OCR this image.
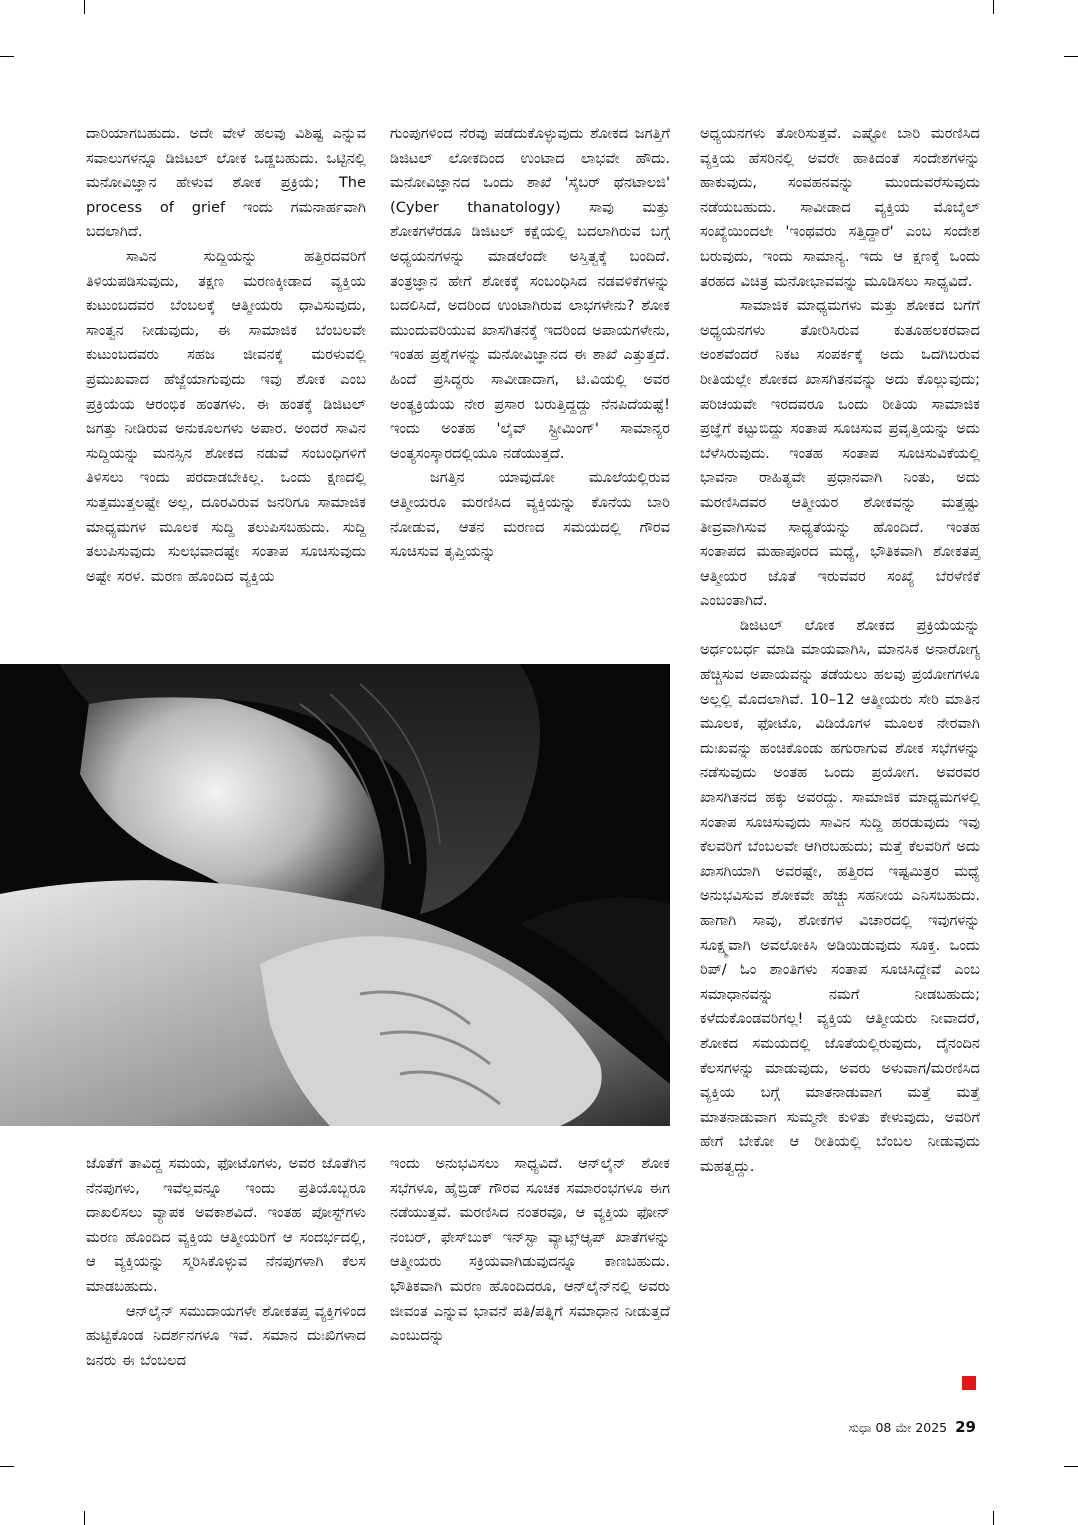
ದಾರಿಯಾಗಬಹುದು. ಅದೇ ವೇಳೆ ಹಲವು ವಿಶಿಷ್ಟ ಎನ್ನುವ ಸವಾಲುಗಳನ್ನೂ ಡಿಜಿಟಲ್ ಲೋಕ ಒಡ್ಡಬಹುದು. ಒಟ್ಟಿನಲ್ಲಿ ಮನೋವಿಜ್ಞಾನ ಹೇಳುವ ಶೋಕ ಪ್ರಕ್ರಿಯೆ; The process of grief ಇಂದು ಗಮನಾರ್ಹವಾಗಿ ಬದಲಾಗಿದೆ.

ಸಾವಿನ ಸುದ್ದಿಯನ್ನು ಹತ್ತಿರದವರಿಗೆ ತಿಳಿಯಪಡಿಸುವುದು, ತಕ್ಷಣ ಮರಣಕ್ಕೀಡಾದ ವ್ಯಕ್ತಿಯ ಕುಟುಂಬದವರ ಬೆಂಬಲಕ್ಕೆ ಆತ್ಮೀಯರು ಧಾವಿಸುವುದು, ಸಾಂತ್ವನ ನೀಡುವುದು, ಈ ಸಾಮಾಜಿಕ ಬೆಂಬಲವೇ ಕುಟುಂಬದವರು ಸಹಜ ಜೀವನಕ್ಕೆ ಮರಳುವಲ್ಲಿ ಪ್ರಮುಖವಾದ ಹೆಜ್ಜೆಯಾಗುವುದು ಇವು ಶೋಕ ಎಂಬ ಪ್ರಕ್ರಿಯೆಯ ಆರಂಭಿಕ ಹಂತಗಳು. ಈ ಹಂತಕ್ಕೆ ಡಿಜಿಟಲ್ ಜಗತ್ತು ನೀಡಿರುವ ಅನುಕೂಲಗಳು ಅಪಾರ. ಅಂದರೆ ಸಾವಿನ ಸುದ್ದಿಯನ್ನು ಮನಸ್ಸಿನ ಶೋಕದ ನಡುವೆ ಸಂಬಂಧಿಗಳಿಗೆ ತಿಳಿಸಲು ಇಂದು ಪರದಾಡಬೇಕಿಲ್ಲ. ಒಂದು ಕ್ಷಣದಲ್ಲಿ ಸುತ್ತಮುತ್ತಲಷ್ಟೇ ಅಲ್ಲ, ದೂರವಿರುವ ಜನರಿಗೂ ಸಾಮಾಜಿಕ ಮಾಧ್ಯಮಗಳ ಮೂಲಕ ಸುದ್ದಿ ತಲುಪಿಸಬಹುದು. ಸುದ್ದಿ ತಲುಪಿಸುವುದು ಸುಲಭವಾದಷ್ಟೇ ಸಂತಾಪ ಸೂಚಿಸುವುದು ಅಷ್ಟೇ ಸರಳ. ಮರಣ ಹೊಂದಿದ ವ್ಯಕ್ತಿಯ

ಗುಂಪುಗಳಿಂದ ನೆರವು ಪಡೆದುಕೊಳ್ಳುವುದು ಶೋಕದ ಜಗತ್ತಿಗೆ ಡಿಜಿಟಲ್ ಲೋಕದಿಂದ ಉಂಟಾದ ಲಾಭವೇ ಹೌದು. ಮನೋವಿಜ್ಞಾನದ ಒಂದು ಶಾಖೆ 'ಸೈಬರ್ ಥೆನಟಾಲಜಿ' (Cyber thanatology) ಸಾವು ಮತ್ತು ಶೋಕಗಳೆರಡೂ ಡಿಜಿಟಲ್ ಕಕ್ಷೆಯಲ್ಲಿ ಬದಲಾಗಿರುವ ಬಗ್ಗೆ ಅಧ್ಯಯನಗಳನ್ನು ಮಾಡಲೆಂದೇ ಅಸ್ತಿತ್ವಕ್ಕೆ ಬಂದಿದೆ. ತಂತ್ರಜ್ಞಾನ ಹೇಗೆ ಶೋಕಕ್ಕೆ ಸಂಬಂಧಿಸಿದ ನಡವಳಿಕೆಗಳನ್ನು ಬದಲಿಸಿದೆ, ಅದರಿಂದ ಉಂಟಾಗಿರುವ ಲಾಭಗಳೇನು? ಶೋಕ ಮುಂದುವರಿಯುವ ಖಾಸಗಿತನಕ್ಕೆ ಇದರಿಂದ ಅಪಾಯಗಳೇನು, ಇಂತಹ ಪ್ರಶ್ನೆಗಳನ್ನು ಮನೋವಿಜ್ಞಾನದ ಈ ಶಾಖೆ ಎತ್ತುತ್ತದೆ. ಹಿಂದೆ ಪ್ರಸಿದ್ಧರು ಸಾವೀಡಾದಾಗ, ಟಿ.ವಿಯಲ್ಲಿ ಅವರ ಅಂತ್ಯಕ್ರಿಯೆಯ ನೇರ ಪ್ರಸಾರ ಬರುತ್ತಿದ್ದದ್ದು ನೆನಪಿದೆಯಷ್ಟೆ! ಇಂದು ಅಂತಹ 'ಲೈವ್ ಸ್ಟ್ರೀಮಿಂಗ್' ಸಾಮಾನ್ಯರ ಅಂತ್ಯಸಂಸ್ಕಾರದಲ್ಲಿಯೂ ನಡೆಯುತ್ತದೆ.

ಜಗತ್ತಿನ ಯಾವುದೋ ಮೂಲೆಯಲ್ಲಿರುವ ಆತ್ಮೀಯರೂ ಮರಣಿಸಿದ ವ್ಯಕ್ತಿಯನ್ನು ಕೊನೆಯ ಬಾರಿ ನೋಡುವ, ಆತನ ಮರಣದ ಸಮಯದಲ್ಲಿ ಗೌರವ ಸೂಚಿಸುವ ತೃಪ್ತಿಯನ್ನು

ಅಧ್ಯಯನಗಳು ತೋರಿಸುತ್ತವೆ. ಎಷ್ಟೋ ಬಾರಿ ಮರಣಿಸಿದ ವ್ಯಕ್ತಿಯ ಹೆಸರಿನಲ್ಲಿ ಅವರೇ ಹಾಕಿದಂತೆ ಸಂದೇಶಗಳನ್ನು ಹಾಕುವುದು, ಸಂವಹನವನ್ನು ಮುಂದುವರೆಸುವುದು ನಡೆಯಬಹುದು. ಸಾವೀಡಾದ ವ್ಯಕ್ತಿಯ ಮೊಬೈಲ್ ಸಂಖ್ಯೆಯಿಂದಲೇ 'ಇಂಥವರು ಸತ್ತಿದ್ದಾರೆ' ಎಂಬ ಸಂದೇಶ ಬರುವುದು, ಇಂದು ಸಾಮಾನ್ಯ. ಇದು ಆ ಕ್ಷಣಕ್ಕೆ ಒಂದು ತರಹದ ವಿಚಿತ್ರ ಮನೋಭಾವವನ್ನು ಮೂಡಿಸಲು ಸಾಧ್ಯವಿದೆ.

ಸಾಮಾಜಿಕ ಮಾಧ್ಯಮಗಳು ಮತ್ತು ಶೋಕದ ಬಗೆಗೆ ಅಧ್ಯಯನಗಳು ತೋರಿಸಿರುವ ಕುತೂಹಲಕರವಾದ ಅಂಶವೆಂದರೆ ನಿಕಟ ಸಂಪರ್ಕಕ್ಕೆ ಅದು ಒದಗಿಬರುವ ರೀತಿಯಲ್ಲೇ ಶೋಕದ ಖಾಸಗಿತನವನ್ನು ಅದು ಕೊಲ್ಲುವುದು; ಪರಿಚಯವೇ ಇರದವರೂ ಒಂದು ರೀತಿಯ ಸಾಮಾಜಿಕ ಪ್ರಜ್ಞೆಗೆ ಕಟ್ಟುಬಿದ್ದು ಸಂತಾಪ ಸೂಚಿಸುವ ಪ್ರವೃತ್ತಿಯನ್ನು ಅದು ಬೆಳೆಸಿರುವುದು. ಇಂತಹ ಸಂತಾಪ ಸೂಚಿಸುವಿಕೆಯಲ್ಲಿ ಭಾವನಾ ರಾಹಿತ್ಯವೇ ಪ್ರಧಾನವಾಗಿ ನಿಂತು, ಅದು ಮರಣಿಸಿದವರ ಆತ್ಮೀಯರ ಶೋಕವನ್ನು ಮತ್ತಷ್ಟು ತೀವ್ರವಾಗಿಸುವ ಸಾಧ್ಯತೆಯನ್ನು ಹೊಂದಿದೆ. ಇಂತಹ ಸಂತಾಪದ ಮಹಾಪೂರದ ಮಧ್ಯೆ, ಭೌತಿಕವಾಗಿ ಶೋಕತಪ್ತ ಆತ್ಮೀಯರ ಜೊತೆ ಇರುವವರ ಸಂಖ್ಯೆ ಬೆರಳೆಣಿಕೆ ಎಂಬಂತಾಗಿದೆ.

ಡಿಜಿಟಲ್ ಲೋಕ ಶೋಕದ ಪ್ರಕ್ರಿಯೆಯನ್ನು ಅರ್ಧಂಬರ್ಧ ಮಾಡಿ ಮಾಯವಾಗಿಸಿ, ಮಾನಸಿಕ ಅನಾರೋಗ್ಯ ಹೆಚ್ಚಿಸುವ ಅಪಾಯವನ್ನು ತಡೆಯಲು ಹಲವು ಪ್ರಯೋಗಗಳೂ ಅಲ್ಲಲ್ಲಿ ಮೊದಲಾಗಿವೆ. 10–12 ಆತ್ಮೀಯರು ಸೇರಿ ಮಾತಿನ ಮೂಲಕ, ಫೋಟೊ, ವಿಡಿಯೊಗಳ ಮೂಲಕ ನೇರವಾಗಿ ದುಃಖವನ್ನು ಹಂಚಿಕೊಂಡು ಹಗುರಾಗುವ ಶೋಕ ಸಭೆಗಳನ್ನು ನಡೆಸುವುದು ಅಂತಹ ಒಂದು ಪ್ರಯೋಗ. ಅವರವರ ಖಾಸಗಿತನದ ಹಕ್ಕು ಅವರದ್ದು. ಸಾಮಾಜಿಕ ಮಾಧ್ಯಮಗಳಲ್ಲಿ ಸಂತಾಪ ಸೂಚಿಸುವುದು ಸಾವಿನ ಸುದ್ದಿ ಹರಡುವುದು ಇವು ಕೆಲವರಿಗೆ ಬೆಂಬಲವೇ ಆಗಿರಬಹುದು; ಮತ್ತೆ ಕೆಲವರಿಗೆ ಅದು ಖಾಸಗಿಯಾಗಿ ಅವರಷ್ಟೇ, ಹತ್ತಿರದ ಇಷ್ಟಮಿತ್ರರ ಮಧ್ಯೆ ಅನುಭವಿಸುವ ಶೋಕವೇ ಹೆಚ್ಚು ಸಹನೀಯ ಎನಿಸಬಹುದು. ಹಾಗಾಗಿ ಸಾವು, ಶೋಕಗಳ ವಿಚಾರದಲ್ಲಿ ಇವುಗಳನ್ನು ಸೂಕ್ಷ್ಮವಾಗಿ ಅವಲೋಕಿಸಿ ಅಡಿಯಿಡುವುದು ಸೂಕ್ತ. ಒಂದು ರಿಪ್/ ಓಂ ಶಾಂತಿಗಳು ಸಂತಾಪ ಸೂಚಿಸಿದ್ದೇವೆ ಎಂಬ ಸಮಾಧಾನವನ್ನು ನಮಗೆ ನೀಡಬಹುದು; ಕಳೆದುಕೊಂಡವರಿಗಲ್ಲ! ವ್ಯಕ್ತಿಯ ಆತ್ಮೀಯರು ನೀವಾದರೆ, ಶೋಕದ ಸಮಯದಲ್ಲಿ ಜೊತೆಯಲ್ಲಿರುವುದು, ದೈನಂದಿನ ಕೆಲಸಗಳನ್ನು ಮಾಡುವುದು, ಅವರು ಅಳುವಾಗ/ಮರಣಿಸಿದ ವ್ಯಕ್ತಿಯ ಬಗ್ಗೆ ಮಾತನಾಡುವಾಗ ಮತ್ತೆ ಮತ್ತೆ ಮಾತನಾಡುವಾಗ ಸುಮ್ಮನೇ ಕುಳಿತು ಕೇಳುವುದು, ಅವರಿಗೆ ಹೇಗೆ ಬೇಕೋ ಆ ರೀತಿಯಲ್ಲಿ ಬೆಂಬಲ ನೀಡುವುದು ಮಹತ್ವದ್ದು.

ಜೊತೆಗೆ ತಾವಿದ್ದ ಸಮಯ, ಫೋಟೊಗಳು, ಅವರ ಜೊತೆಗಿನ ನೆನಪುಗಳು, ಇವೆಲ್ಲವನ್ನೂ ಇಂದು ಪ್ರತಿಯೊಬ್ಬರೂ ದಾಖಲಿಸಲು ವ್ಯಾಪಕ ಅವಕಾಶವಿದೆ. ಇಂತಹ ಪೋಸ್ಟ್‌ಗಳು ಮರಣ ಹೊಂದಿದ ವ್ಯಕ್ತಿಯ ಆತ್ಮೀಯರಿಗೆ ಆ ಸಂದರ್ಭದಲ್ಲಿ, ಆ ವ್ಯಕ್ತಿಯನ್ನು ಸ್ಮರಿಸಿಕೊಳ್ಳುವ ನೆನಪುಗಳಾಗಿ ಕೆಲಸ ಮಾಡಬಹುದು.

ಆನ್‌ಲೈನ್ ಸಮುದಾಯಗಳೇ ಶೋಕತಪ್ತ ವ್ಯಕ್ತಿಗಳಿಂದ ಹುಟ್ಟಿಕೊಂಡ ನಿದರ್ಶನಗಳೂ ಇವೆ. ಸಮಾನ ದುಃಖಿಗಳಾದ ಜನರು ಈ ಬೆಂಬಲದ

ಇಂದು ಅನುಭವಿಸಲು ಸಾಧ್ಯವಿದೆ. ಆನ್‌ಲೈನ್ ಶೋಕ ಸಭೆಗಳೂ, ಹೈಬ್ರಿಡ್ ಗೌರವ ಸೂಚಕ ಸಮಾರಂಭಗಳೂ ಈಗ ನಡೆಯುತ್ತವೆ. ಮರಣಿಸಿದ ನಂತರವೂ, ಆ ವ್ಯಕ್ತಿಯ ಫೋನ್ ನಂಬರ್, ಫೇಸ್‌ಬುಕ್ ಇನ್‌ಸ್ಟಾ ವ್ಯಾಟ್ಸ್‌ಆ್ಯಪ್ ಖಾತೆಗಳನ್ನು ಆತ್ಮೀಯರು ಸಕ್ರಿಯವಾಗಿಡುವುದನ್ನೂ ಕಾಣಬಹುದು. ಭೌತಿಕವಾಗಿ ಮರಣ ಹೊಂದಿದರೂ, ಆನ್‌ಲೈನ್‌ನಲ್ಲಿ ಅವರು ಜೀವಂತ ಎನ್ನುವ ಭಾವನೆ ಪತಿ/ಪತ್ನಿಗೆ ಸಮಾಧಾನ ನೀಡುತ್ತದೆ ಎಂಬುದನ್ನು

ಸುಧಾ 08 ಮೇ 2025 29
